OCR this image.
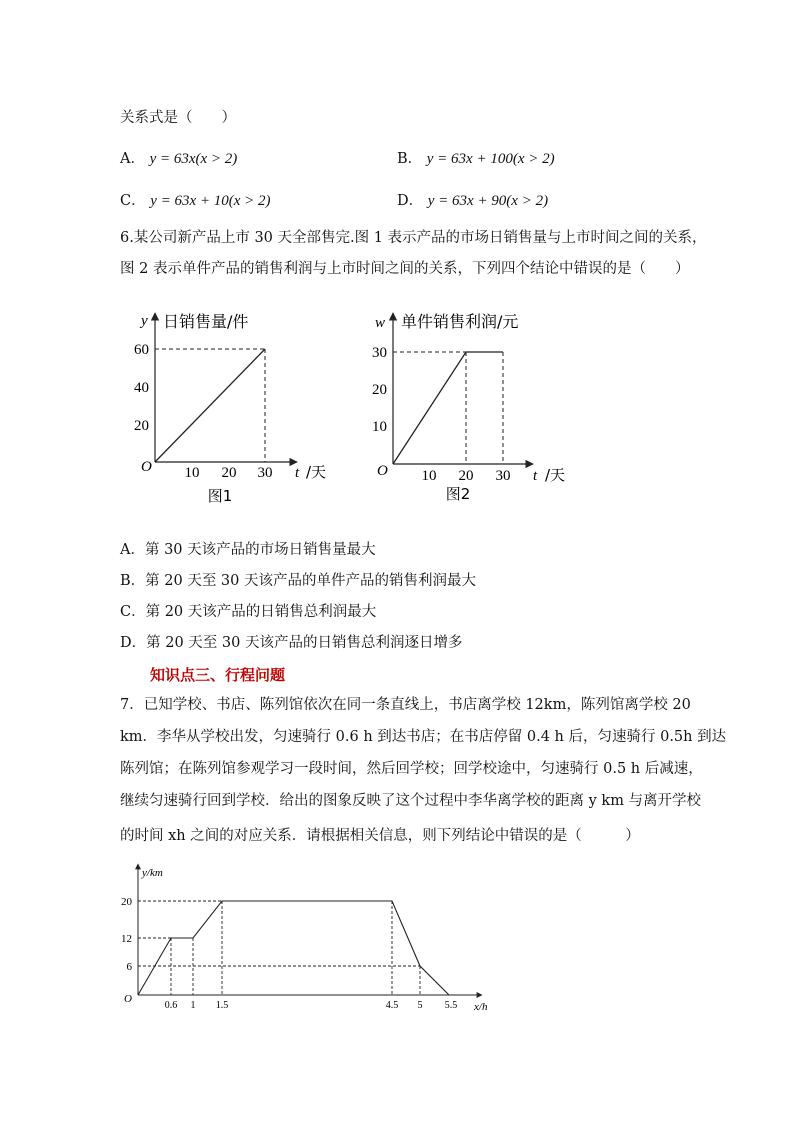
关系式是（　　）
A． y = 63x(x > 2)	B． y = 63x + 100(x > 2)
C． y = 63x + 10(x > 2)	D． y = 63x + 90(x > 2)
6.某公司新产品上市 30 天全部售完.图 1 表示产品的市场日销售量与上市时间之间的关系，
图 2 表示单件产品的销售利润与上市时间之间的关系，下列四个结论中错误的是（　　）
y 日销售量/件
20
40
60
O 10 20 30 t /天
图1
w 单件销售利润/元
10
20
30
O 10 20 30 t /天
图2
A．第 30 天该产品的市场日销售量最大
B．第 20 天至 30 天该产品的单件产品的销售利润最大
C．第 20 天该产品的日销售总利润最大
D．第 20 天至 30 天该产品的日销售总利润逐日增多
知识点三、行程问题
7．已知学校、书店、陈列馆依次在同一条直线上，书店离学校 12km，陈列馆离学校 20
km．李华从学校出发，匀速骑行 0.6 h 到达书店；在书店停留 0.4 h 后，匀速骑行 0.5h 到达
陈列馆；在陈列馆参观学习一段时间，然后回学校；回学校途中，匀速骑行 0.5 h 后减速，
继续匀速骑行回到学校．给出的图象反映了这个过程中李华离学校的距离 y km 与离开学校
的时间 xh 之间的对应关系．请根据相关信息，则下列结论中错误的是（　　　）
y/km
20
12
6
O
0.6 1 1.5	4.5 5 5.5 x/h
